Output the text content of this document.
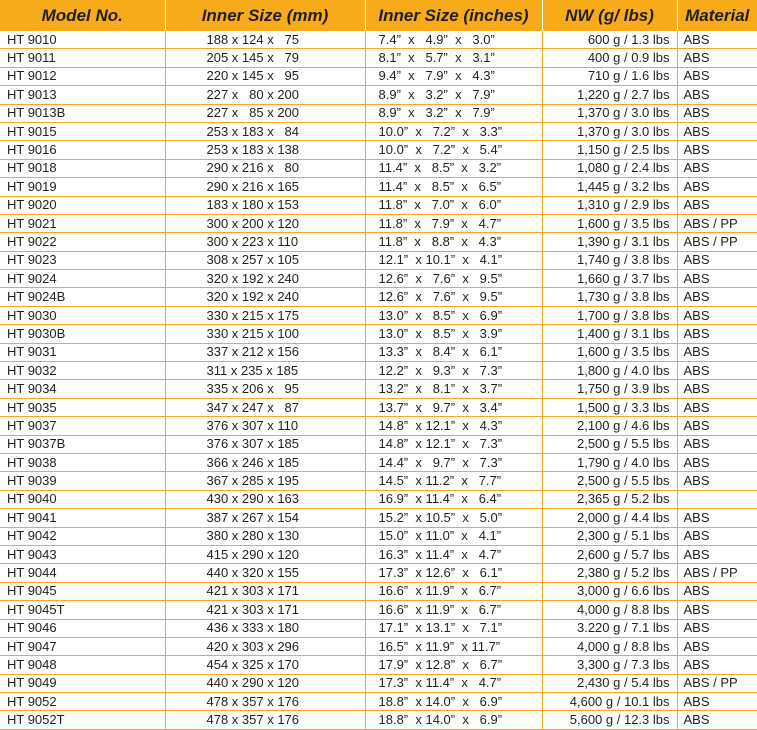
Model No.	Inner Size (mm)	Inner Size (inches)	NW (g/ lbs)	Material
HT 9010	188 x 124 x   75	7.4”  x   4.9”  x   3.0”	600 g / 1.3 lbs	ABS
HT 9011	205 x 145 x   79	8.1”  x   5.7”  x   3.1”	400 g / 0.9 lbs	ABS
HT 9012	220 x 145 x   95	9.4”  x   7.9”  x   4.3”	710 g / 1.6 lbs	ABS
HT 9013	227 x   80 x 200	8.9”  x   3.2”  x   7.9”	1,220 g / 2.7 lbs	ABS
HT 9013B	227 x   85 x 200	8.9”  x   3.2”  x   7.9”	1,370 g / 3.0 lbs	ABS
HT 9015	253 x 183 x   84	10.0”  x   7.2”  x   3.3”	1,370 g / 3.0 lbs	ABS
HT 9016	253 x 183 x 138	10.0”  x   7.2”  x   5.4”	1,150 g / 2.5 lbs	ABS
HT 9018	290 x 216 x   80	11.4”  x   8.5”  x   3.2”	1,080 g / 2.4 lbs	ABS
HT 9019	290 x 216 x 165	11.4”  x   8.5”  x   6.5”	1,445 g / 3.2 lbs	ABS
HT 9020	183 x 180 x 153	11.8”  x   7.0”  x   6.0”	1,310 g / 2.9 lbs	ABS
HT 9021	300 x 200 x 120	11.8”  x   7.9”  x   4.7”	1,600 g / 3.5 lbs	ABS / PP
HT 9022	300 x 223 x 110	11.8”  x   8.8”  x   4.3”	1,390 g / 3.1 lbs	ABS / PP
HT 9023	308 x 257 x 105	12.1”  x 10.1”  x   4.1”	1,740 g / 3.8 lbs	ABS
HT 9024	320 x 192 x 240	12.6”  x   7.6”  x   9.5”	1,660 g / 3.7 lbs	ABS
HT 9024B	320 x 192 x 240	12.6”  x   7.6”  x   9.5”	1,730 g / 3.8 lbs	ABS
HT 9030	330 x 215 x 175	13.0”  x   8.5”  x   6.9”	1,700 g / 3.8 lbs	ABS
HT 9030B	330 x 215 x 100	13.0”  x   8.5”  x   3.9”	1,400 g / 3.1 lbs	ABS
HT 9031	337 x 212 x 156	13.3”  x   8.4”  x   6.1”	1,600 g / 3.5 lbs	ABS
HT 9032	311 x 235 x 185	12.2”  x   9.3”  x   7.3”	1,800 g / 4.0 lbs	ABS
HT 9034	335 x 206 x   95	13.2”  x   8.1”  x   3.7”	1,750 g / 3.9 lbs	ABS
HT 9035	347 x 247 x   87	13.7”  x   9.7”  x   3.4”	1,500 g / 3.3 lbs	ABS
HT 9037	376 x 307 x 110	14.8”  x 12.1”  x   4.3”	2,100 g / 4.6 lbs	ABS
HT 9037B	376 x 307 x 185	14.8”  x 12.1”  x   7.3”	2,500 g / 5.5 lbs	ABS
HT 9038	366 x 246 x 185	14.4”  x   9.7”  x   7.3”	1,790 g / 4.0 lbs	ABS
HT 9039	367 x 285 x 195	14.5”  x 11.2”  x   7.7”	2,500 g / 5.5 lbs	ABS
HT 9040	430 x 290 x 163	16.9”  x 11.4”  x   6.4”	2,365 g / 5.2 lbs	
HT 9041	387 x 267 x 154	15.2”  x 10.5”  x   5.0”	2,000 g / 4.4 lbs	ABS
HT 9042	380 x 280 x 130	15.0”  x 11.0”  x   4.1”	2,300 g / 5.1 lbs	ABS
HT 9043	415 x 290 x 120	16.3”  x 11.4”  x   4.7”	2,600 g / 5.7 lbs	ABS
HT 9044	440 x 320 x 155	17.3”  x 12.6”  x   6.1”	2,380 g / 5.2 lbs	ABS / PP
HT 9045	421 x 303 x 171	16.6”  x 11.9”  x   6.7”	3,000 g / 6.6 lbs	ABS
HT 9045T	421 x 303 x 171	16.6”  x 11.9”  x   6.7”	4,000 g / 8.8 lbs	ABS
HT 9046	436 x 333 x 180	17.1”  x 13.1”  x   7.1”	3.220 g / 7.1 lbs	ABS
HT 9047	420 x 303 x 296	16.5”  x 11.9”  x 11.7”	4,000 g / 8.8 lbs	ABS
HT 9048	454 x 325 x 170	17.9”  x 12.8”  x   6.7”	3,300 g / 7.3 lbs	ABS
HT 9049	440 x 290 x 120	17.3”  x 11.4”  x   4.7”	2,430 g / 5.4 lbs	ABS / PP
HT 9052	478 x 357 x 176	18.8”  x 14.0”  x   6.9”	4,600 g / 10.1 lbs	ABS
HT 9052T	478 x 357 x 176	18.8”  x 14.0”  x   6.9”	5,600 g / 12.3 lbs	ABS
